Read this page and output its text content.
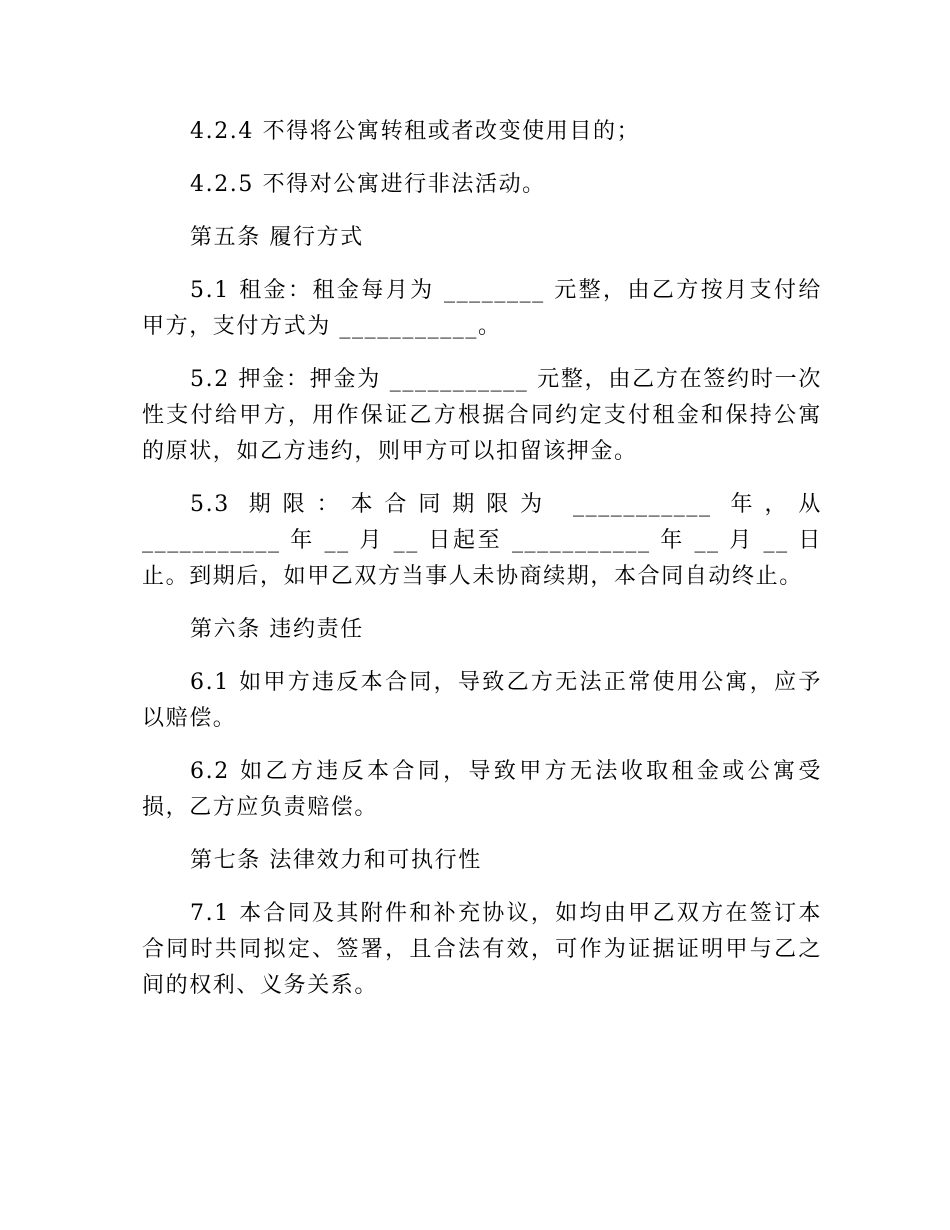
4.2.4 不得将公寓转租或者改变使用目的；

4.2.5 不得对公寓进行非法活动。

第五条 履行方式

5.1 租金：租金每月为 ________ 元整，由乙方按月支付给甲方，支付方式为 ___________。

5.2 押金：押金为 ___________ 元整，由乙方在签约时一次性支付给甲方，用作保证乙方根据合同约定支付租金和保持公寓的原状，如乙方违约，则甲方可以扣留该押金。

5.3 期限：本合同期限为 ___________ 年，从 ___________ 年 __ 月 __ 日起至 ___________ 年 __ 月 __ 日止。到期后，如甲乙双方当事人未协商续期，本合同自动终止。

第六条 违约责任

6.1 如甲方违反本合同，导致乙方无法正常使用公寓，应予以赔偿。

6.2 如乙方违反本合同，导致甲方无法收取租金或公寓受损，乙方应负责赔偿。

第七条 法律效力和可执行性

7.1 本合同及其附件和补充协议，如均由甲乙双方在签订本合同时共同拟定、签署，且合法有效，可作为证据证明甲与乙之间的权利、义务关系。
